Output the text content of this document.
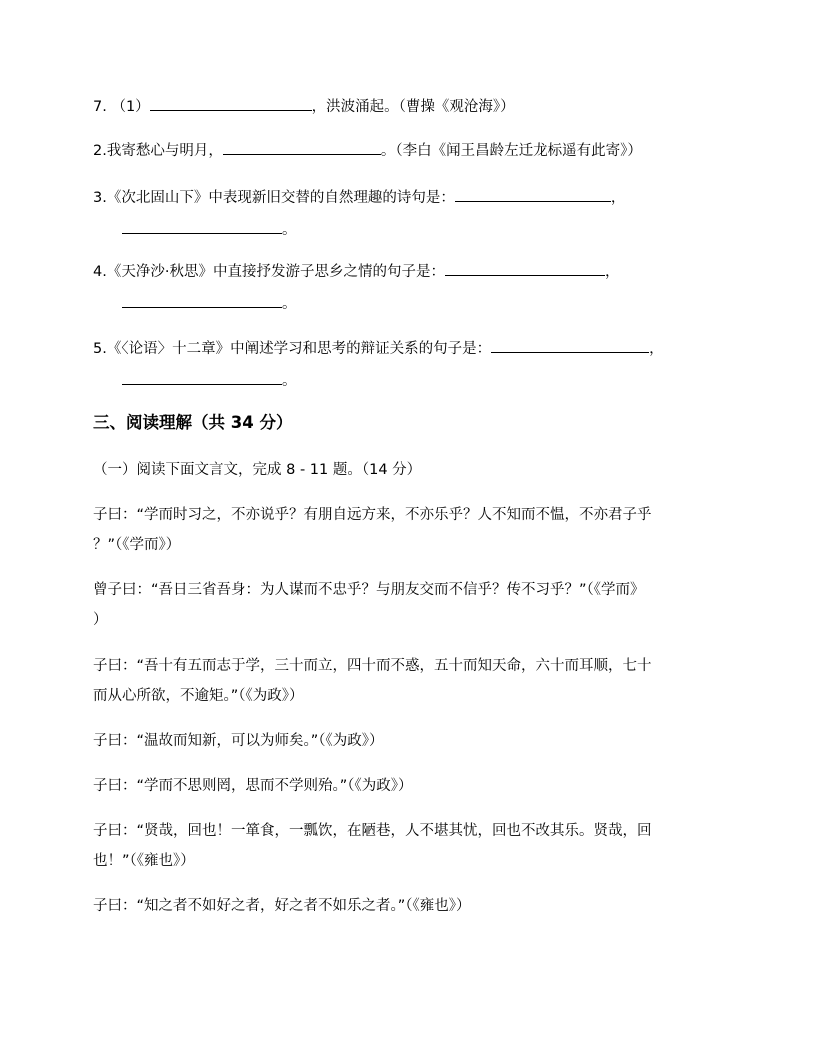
7. （1）	，洪波涌起。（曹操《观沧海》）
2.我寄愁心与明月，	。（李白《闻王昌龄左迁龙标遥有此寄》）
3.《次北固山下》中表现新旧交替的自然理趣的诗句是：	，
。
4.《天净沙·秋思》中直接抒发游子思乡之情的句子是：	，
。
5.《〈论语〉十二章》中阐述学习和思考的辩证关系的句子是：	，
。
三、阅读理解（共 34 分）
（一）阅读下面文言文，完成 8 - 11 题。（14 分）
子曰：“学而时习之，不亦说乎？有朋自远方来，不亦乐乎？人不知而不愠，不亦君子乎
？”（《学而》）
曾子曰：“吾日三省吾身：为人谋而不忠乎？与朋友交而不信乎？传不习乎？”（《学而》
）
子曰：“吾十有五而志于学，三十而立，四十而不惑，五十而知天命，六十而耳顺，七十
而从心所欲，不逾矩。”（《为政》）
子曰：“温故而知新，可以为师矣。”（《为政》）
子曰：“学而不思则罔，思而不学则殆。”（《为政》）
子曰：“贤哉，回也！一箪食，一瓢饮，在陋巷，人不堪其忧，回也不改其乐。贤哉，回
也！”（《雍也》）
子曰：“知之者不如好之者，好之者不如乐之者。”（《雍也》）
